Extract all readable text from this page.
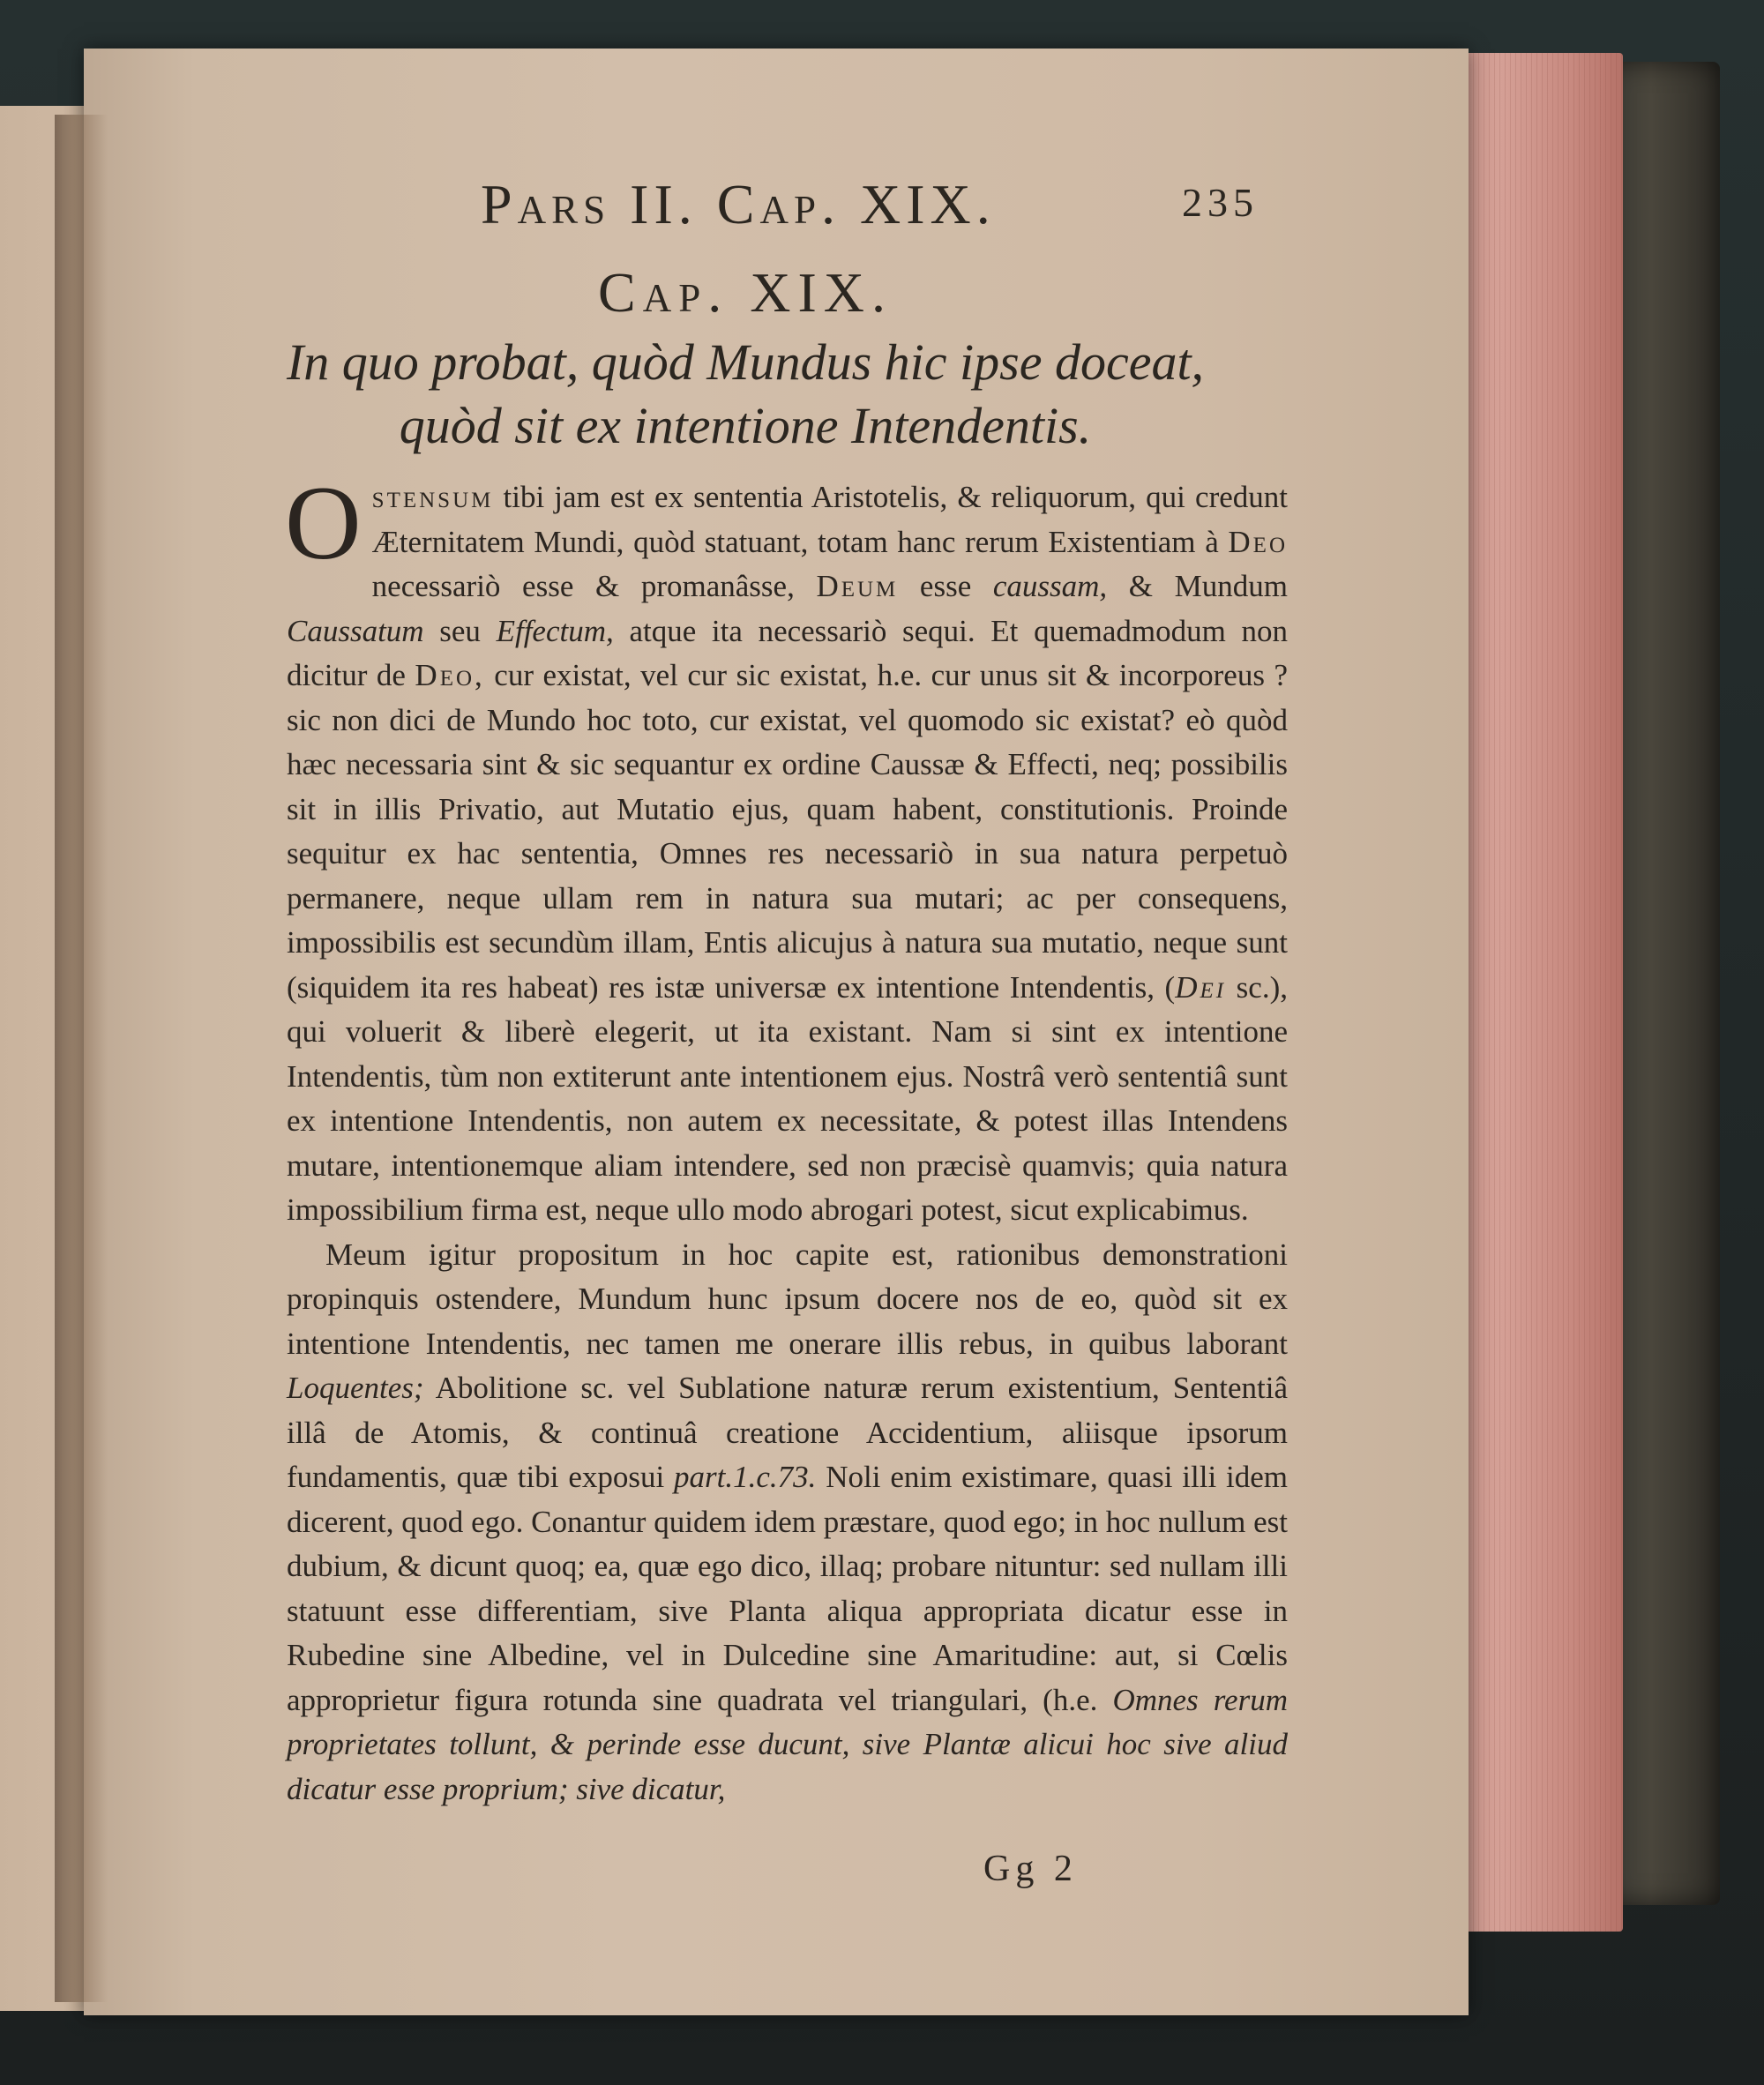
Pars II. Cap. XIX.	235
Cap. XIX.
In quo probat, quòd Mundus hic ipse doceat,
quòd sit ex intentione Intendentis.

Ostensum tibi jam est ex sententia Aristotelis, & reliquorum, qui credunt Æternitatem Mundi, quòd statuant, totam hanc rerum Existentiam à Deo necessariò esse & promanâsse, Deum esse caussam, & Mundum Caussatum seu Effectum, atque ita necessariò sequi. Et quemadmodum non dicitur de Deo, cur existat, vel cur sic existat, h.e. cur unus sit & incorporeus ? sic non dici de Mundo hoc toto, cur existat, vel quomodo sic existat? eò quòd hæc necessaria sint & sic sequantur ex ordine Caussæ & Effecti, neq; possibilis sit in illis Privatio, aut Mutatio ejus, quam habent, constitutionis. Proinde sequitur ex hac sententia, Omnes res necessariò in sua natura perpetuò permanere, neque ullam rem in natura sua mutari; ac per consequens, impossibilis est secundùm illam, Entis alicujus à natura sua mutatio, neque sunt (siquidem ita res habeat) res istæ universæ ex intentione Intendentis, (Dei sc.), qui voluerit & liberè elegerit, ut ita existant. Nam si sint ex intentione Intendentis, tùm non extiterunt ante intentionem ejus. Nostrâ verò sententiâ sunt ex intentione Intendentis, non autem ex necessitate, & potest illas Intendens mutare, intentionemque aliam intendere, sed non præcisè quamvis; quia natura impossibilium firma est, neque ullo modo abrogari potest, sicut explicabimus.

Meum igitur propositum in hoc capite est, rationibus demonstrationi propinquis ostendere, Mundum hunc ipsum docere nos de eo, quòd sit ex intentione Intendentis, nec tamen me onerare illis rebus, in quibus laborant Loquentes; Abolitione sc. vel Sublatione naturæ rerum existentium, Sententiâ illâ de Atomis, & continuâ creatione Accidentium, aliisque ipsorum fundamentis, quæ tibi exposui part.1.c.73. Noli enim existimare, quasi illi idem dicerent, quod ego. Conantur quidem idem præstare, quod ego; in hoc nullum est dubium, & dicunt quoq; ea, quæ ego dico, illaq; probare nituntur: sed nullam illi statuunt esse differentiam, sive Planta aliqua appropriata dicatur esse in Rubedine sine Albedine, vel in Dulcedine sine Amaritudine: aut, si Cœlis approprietur figura rotunda sine quadrata vel triangulari, (h.e. Omnes rerum proprietates tollunt, & perinde esse ducunt, sive Plantæ alicui hoc sive aliud dicatur esse proprium; sive dicatur,

Gg 2
